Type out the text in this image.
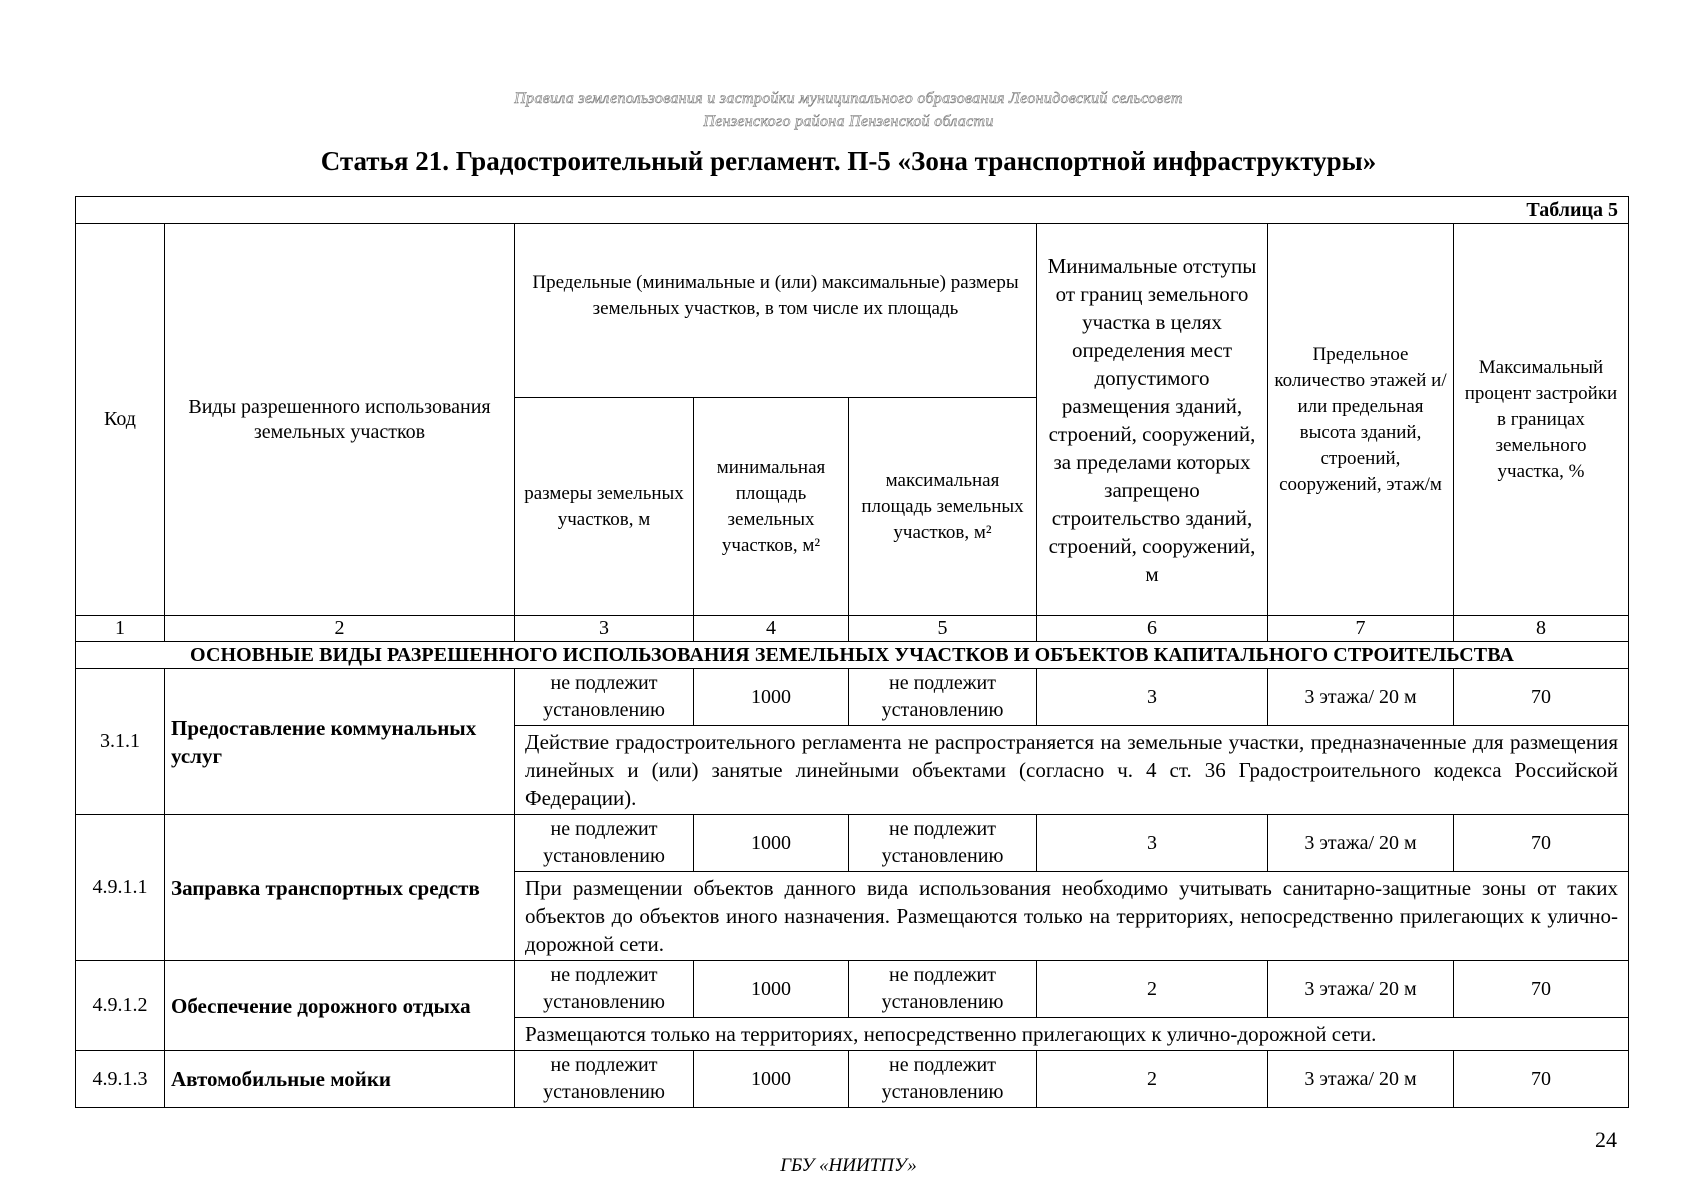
Правила землепользования и застройки муниципального образования Леонидовский сельсовет
Пензенского района Пензенской области
Статья 21. Градостроительный регламент. П-5 «Зона транспортной инфраструктуры»
Таблица 5							
Код	Виды разрешенного использования земельных участков	Предельные (минимальные и (или) максимальные) размеры земельных участков, в том числе их площадь			Минимальные отступы от границ земельного участка в целях определения мест допустимого размещения зданий, строений, сооружений, за пределами которых запрещено строительство зданий, строений, сооружений, м	Предельное количество этажей и/или предельная высота зданий, строений, сооружений, этаж/м	Максимальный процент застройки в границах земельного участка, %
		размеры земельных участков, м	минимальная площадь земельных участков, м²	максимальная площадь земельных участков, м²			
1	2	3	4	5	6	7	8
ОСНОВНЫЕ ВИДЫ РАЗРЕШЕННОГО ИСПОЛЬЗОВАНИЯ ЗЕМЕЛЬНЫХ УЧАСТКОВ И ОБЪЕКТОВ КАПИТАЛЬНОГО СТРОИТЕЛЬСТВА							
3.1.1	Предоставление коммунальных услуг	не подлежит установлению	1000	не подлежит установлению	3	3 этажа/ 20 м	70
		Действие градостроительного регламента не распространяется на земельные участки, предназначенные для размещения линейных и (или) занятые линейными объектами (согласно ч. 4 ст. 36 Градостроительного кодекса Российской Федерации).					
4.9.1.1	Заправка транспортных средств	не подлежит установлению	1000	не подлежит установлению	3	3 этажа/ 20 м	70
		При размещении объектов данного вида использования необходимо учитывать санитарно-защитные зоны от таких объектов до объектов иного назначения. Размещаются только на территориях, непосредственно прилегающих к улично-дорожной сети.					
4.9.1.2	Обеспечение дорожного отдыха	не подлежит установлению	1000	не подлежит установлению	2	3 этажа/ 20 м	70
		Размещаются только на территориях, непосредственно прилегающих к улично-дорожной сети.					
4.9.1.3	Автомобильные мойки	не подлежит установлению	1000	не подлежит установлению	2	3 этажа/ 20 м	70
24
ГБУ «НИИТПУ»
